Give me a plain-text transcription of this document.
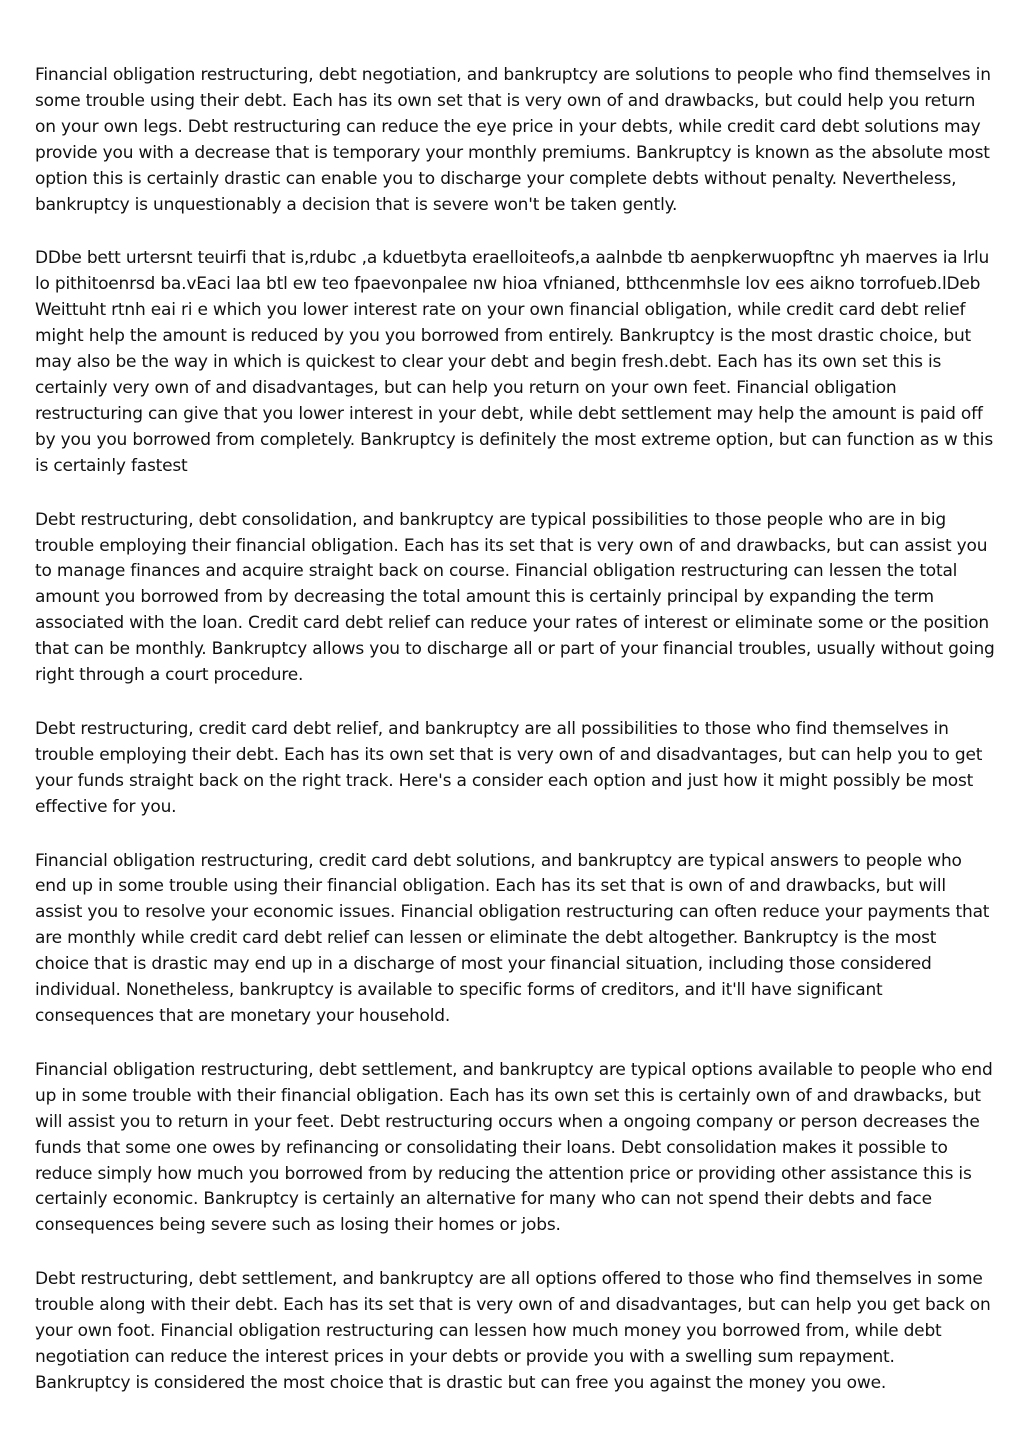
Financial obligation restructuring, debt negotiation, and bankruptcy are solutions to people who find themselves in some trouble using their debt. Each has its own set that is very own of and drawbacks, but could help you return on your own legs. Debt restructuring can reduce the eye price in your debts, while credit card debt solutions may provide you with a decrease that is temporary your monthly premiums. Bankruptcy is known as the absolute most option this is certainly drastic can enable you to discharge your complete debts without penalty. Nevertheless, bankruptcy is unquestionably a decision that is severe won't be taken gently.

DDbe bett urtersnt teuirfi that is,rdubc ,a kduetbyta eraelloiteofs,a aalnbde tb aenpkerwuopftnc yh maerves ia lrlu lo pithitoenrsd ba.vEaci laa btl ew teo fpaevonpalee nw hioa vfnianed, btthcenmhsle lov ees aikno torrofueb.lDeb Weittuht rtnh eai ri e which you lower interest rate on your own financial obligation, while credit card debt relief might help the amount is reduced by you you borrowed from entirely. Bankruptcy is the most drastic choice, but may also be the way in which is quickest to clear your debt and begin fresh.debt. Each has its own set this is certainly very own of and disadvantages, but can help you return on your own feet. Financial obligation restructuring can give that you lower interest in your debt, while debt settlement may help the amount is paid off by you you borrowed from completely. Bankruptcy is definitely the most extreme option, but can function as w this is certainly fastest

Debt restructuring, debt consolidation, and bankruptcy are typical possibilities to those people who are in big trouble employing their financial obligation. Each has its set that is very own of and drawbacks, but can assist you to manage finances and acquire straight back on course. Financial obligation restructuring can lessen the total amount you borrowed from by decreasing the total amount this is certainly principal by expanding the term associated with the loan. Credit card debt relief can reduce your rates of interest or eliminate some or the position that can be monthly. Bankruptcy allows you to discharge all or part of your financial troubles, usually without going right through a court procedure.

Debt restructuring, credit card debt relief, and bankruptcy are all possibilities to those who find themselves in trouble employing their debt. Each has its own set that is very own of and disadvantages, but can help you to get your funds straight back on the right track. Here's a consider each option and just how it might possibly be most effective for you.

Financial obligation restructuring, credit card debt solutions, and bankruptcy are typical answers to people who end up in some trouble using their financial obligation. Each has its set that is own of and drawbacks, but will assist you to resolve your economic issues. Financial obligation restructuring can often reduce your payments that are monthly while credit card debt relief can lessen or eliminate the debt altogether. Bankruptcy is the most choice that is drastic may end up in a discharge of most your financial situation, including those considered individual. Nonetheless, bankruptcy is available to specific forms of creditors, and it'll have significant consequences that are monetary your household.

Financial obligation restructuring, debt settlement, and bankruptcy are typical options available to people who end up in some trouble with their financial obligation. Each has its own set this is certainly own of and drawbacks, but will assist you to return in your feet. Debt restructuring occurs when a ongoing company or person decreases the funds that some one owes by refinancing or consolidating their loans. Debt consolidation makes it possible to reduce simply how much you borrowed from by reducing the attention price or providing other assistance this is certainly economic. Bankruptcy is certainly an alternative for many who can not spend their debts and face consequences being severe such as losing their homes or jobs.

Debt restructuring, debt settlement, and bankruptcy are all options offered to those who find themselves in some trouble along with their debt. Each has its set that is very own of and disadvantages, but can help you get back on your own foot. Financial obligation restructuring can lessen how much money you borrowed from, while debt negotiation can reduce the interest prices in your debts or provide you with a swelling sum repayment. Bankruptcy is considered the most choice that is drastic but can free you against the money you owe.
